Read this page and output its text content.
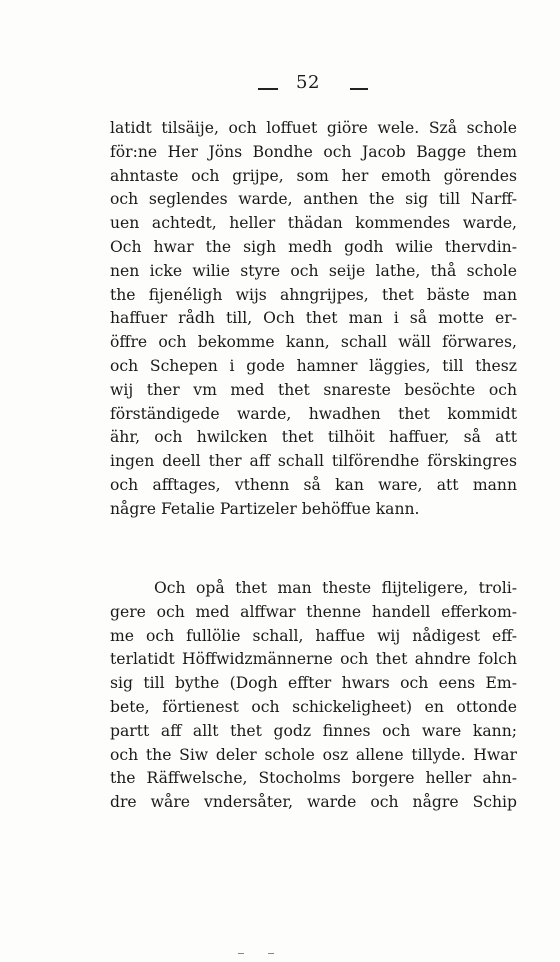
52
latidt tilsäije, och loffuet giöre wele. Szå schole
för:ne Her Jöns Bondhe och Jacob Bagge them
ahntaste och grijpe, som her emoth görendes
och seglendes warde, anthen the sig till Narff-
uen achtedt, heller thädan kommendes warde,
Och hwar the sigh medh godh wilie thervdin-
nen icke wilie styre och seije lathe, thå schole
the fijenéligh wijs ahngrijpes, thet bäste man
haffuer rådh till, Och thet man i så motte er-
öffre och bekomme kann, schall wäll förwares,
och Schepen i gode hamner läggies, till thesz
wij ther vm med thet snareste besöchte och
förständigede warde, hwadhen thet kommidt
ähr, och hwilcken thet tilhöit haffuer, så att
ingen deell ther aff schall tilförendhe förskingres
och afftages, vthenn så kan ware, att mann
någre Fetalie Partizeler behöffue kann.
Och opå thet man theste flijteligere, troli-
gere och med alffwar thenne handell efferkom-
me och fullölie schall, haffue wij nådigest eff-
terlatidt Höffwidzmännerne och thet ahndre folch
sig till bythe (Dogh effter hwars och eens Em-
bete, förtienest och schickeligheet) en ottonde
partt aff allt thet godz finnes och ware kann;
och the Siw deler schole osz allene tillyde. Hwar
the Räffwelsche, Stocholms borgere heller ahn-
dre wåre vndersåter, warde och någre Schip
